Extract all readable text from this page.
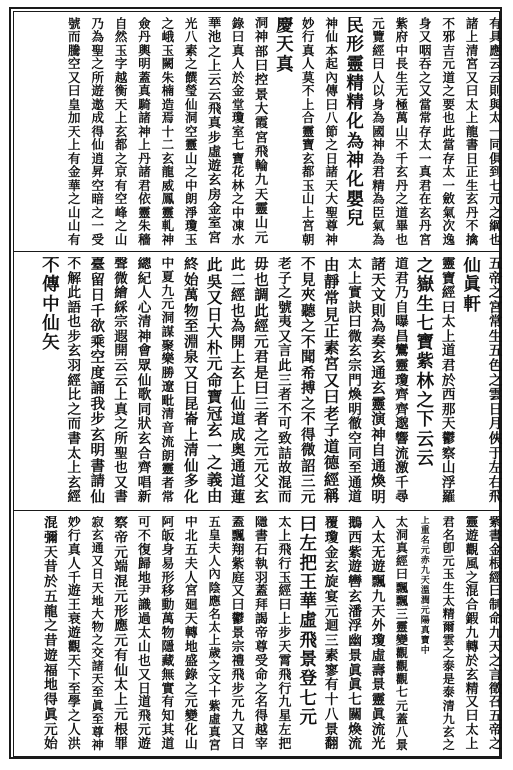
有
具
應
云
云
則
與
太
一
同
俱
到
七
元
之
綱
也
諸
上
清
宮
又
曰
太
上
龍
書
日
正
生
玄
丹
不
擒
不
邪
吉
元
道
之
要
也
此
當
存
太
一
斂
氣
次
逸
身
又
咽
吞
之
又
當
常
存
太
一
真
君
在
玄
丹
宮
紫
府
中
長
生
无
極
萬
山
不
千
玄
丹
之
道
畢
也
元
覽
經
曰
人
以
身
為
國
神
為
君
精
為
臣
氣
為
民
形
靈
精
精
化
為
神
化
嬰
兒
神
仙
本
起
內
傳
曰
八
節
之
日
諸
天
大
聖
尊
神
妙
行
真
人
莫
不
上
合
靈
寶
玄
都
玉
山
上
宮
朝
慶
天
真
洞
神
部
曰
控
景
大
霞
宮
飛
輪
九
天
靈
山
元
錄
曰
真
人
於
金
堂
瓊
室
七
寶
花
林
之
中
凍
水
華
池
之
上
云
云
飛
真
步
虛
遊
玄
房
金
室
宮
光
八
素
之
饌
瑩
仙
洞
空
靈
山
之
中
朗
淨
瓊
玉
之
峨
玉
闕
朱
楠
造
焉
十
二
玄
龍
威
鳳
靈
軋
神
僉
丹
輿
明
蓋
真
騎
諸
神
上
丹
諸
君
依
靈
朱
穡
自
然
玉
字
越
衡
天
上
玄
都
之
京
有
空
峰
之
山
乃
為
聖
之
所
遊
遨
成
得
仙
逍
昇
空
暗
之
一
受
號
而
騰
空
又
曰
皇
加
天
上
有
金
華
之
山
山
有
五
帝
之
宮
常
生
五
色
之
雲
日
月
俠
于
左
右
飛
仙
眞
軒
靈
寶
經
曰
太
上
道
君
於
西
那
天
鬱
察
山
浮
羅
之
嶽
生
七
寶
紫
林
之
下
云
云
道
君
乃
自
曝
昌
鸞
靈
瓊
齊
齊
邈
響
流
激
千
尋
諸
天
文
則
為
奏
玄
通
玄
靈
演
神
自
通
煥
明
太
上
實
訣
曰
微
玄
宗
門
煥
明
徹
空
同
至
通
道
由
靜
常
見
正
素
宮
又
曰
老
子
道
德
經
稱
不
見
夾
聽
之
不
聞
希
搏
之
不
得
微
詔
三
元
老
子
之
號
夷
又
言
此
三
者
不
可
致
詰
故
混
而
毋
也
調
此
經
元
君
是
曰
三
者
之
元
元
父
玄
此
二
經
也
為
開
上
玄
上
仙
道
成
奥
通
道
蓮
此
吳
又
日
大
朴
元
命
寶
冠
玄
一
之
義
由
終
始
萬
物
至
淵
泉
又
日
昆
崙
上
清
仙
多
化
中
夏
九
元
洞
謀
聚
樂
勝
遼
毗
清
音
流
朗
靈
者
常
總
紀
人
心
清
神
會
眾
仙
歌
同
狀
玄
合
齊
唱
新
聲
微
繪
綵
宗
遐
開
云
云
上
真
之
所
聖
也
又
書
臺
留
日
千
欲
乘
空
度
誦
我
步
玄
明
書
請
仙
不
解
此
語
也
步
玄
羽
經
比
之
而
書
太
上
玄
經
不
傳
中
仙
矢
紫
書
金
根
經
曰
制
命
九
天
之
言
徵
召
五
帝
之
靈
遊
觀
風
之
混
合
鍜
九
轉
於
玄
精
又
曰
太
上
君
名
卽
元
玉
生
太
精
爾
雲
之
泰
是
泰
清
九
玄
之
上
重
名
元
赤
九
天
溫
潤
元
陽
真
寶
中
太
洞
真
經
曰
飄
飄
三
靈
變
觀
觀
觀
七
元
蓋
八
景
入
太
无
遊
飄
九
天
外
瓊
虛
壽
景
靈
眞
流
光
鵝
西
紫
遊
轡
玄
潘
浮
幽
景
眞
眞
七
關
煥
流
覆
瓊
金
玄
旋
宴
元
迴
三
素
寥
有
十
八
景
翻
曰
左
把
王
華
虛
飛
景
登
七
元
太
上
飛
行
玉
經
曰
上
步
天
霄
飛
行
九
星
左
把
隱
書
石
執
羽
蓋
拜
謁
帝
尊
受
命
之
名
得
越
宰
蓋
飄
翔
紫
庭
又
曰
鬱
景
宗
禮
飛
步
元
九
又
曰
五
皇
夫
人
內
陰
應
名
太
上
歲
之
文
十
紫
虛
真
宮
中
北
五
夫
人
宮
廻
天
轉
地
盛
錄
之
元
變
化
山
阿
皈
身
易
形
移
動
萬
物
隱
藏
無
實
有
知
其
道
可
不
復
歸
地
尹
識
過
太
山
也
又
日
道
飛
元
遊
察
帝
元
端
混
元
形
應
元
有
仙
太
上
元
根
罪
寂
玄
通
又
日
天
地
大
物
之
交
諸
天
至
眞
至
尊
神
妙
行
真
人
千
遊
王
衰
遊
觀
天
下
至
學
之
人
洪
混
彌
天
昔
於
五
龍
之
昔
遊
福
地
得
眞
元
始
